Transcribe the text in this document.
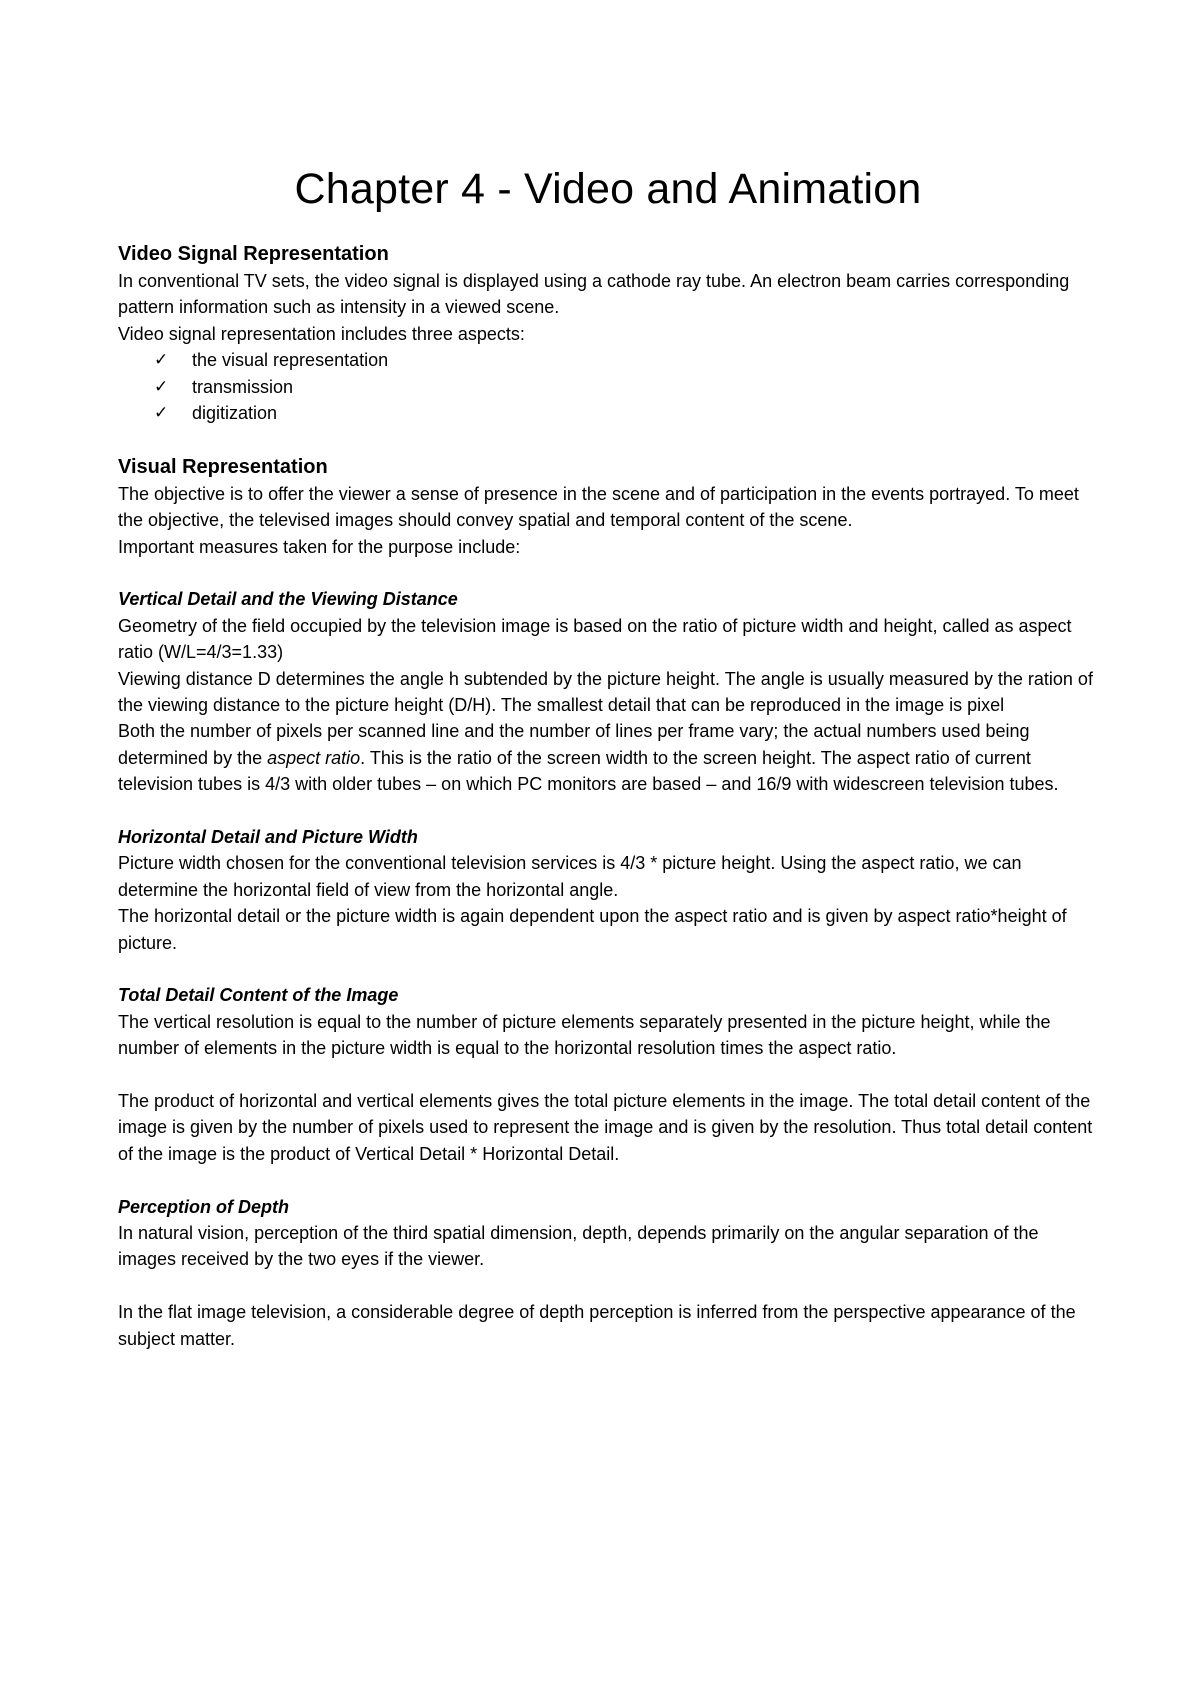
Chapter 4 - Video and Animation
Video Signal Representation
In conventional TV sets, the video signal is displayed using a cathode ray tube. An electron beam carries corresponding pattern information such as intensity in a viewed scene.
Video signal representation includes three aspects:
✓	the visual representation
✓	transmission
✓	digitization
Visual Representation
The objective is to offer the viewer a sense of presence in the scene and of participation in the events portrayed. To meet the objective, the televised images should convey spatial and temporal content of the scene.
Important measures taken for the purpose include:
Vertical Detail and the Viewing Distance
Geometry of the field occupied by the television image is based on the ratio of picture width and height, called as aspect ratio (W/L=4/3=1.33)
Viewing distance D determines the angle h subtended by the picture height. The angle is usually measured by the ration of the viewing distance to the picture height (D/H). The smallest detail that can be reproduced in the image is pixel
Both the number of pixels per scanned line and the number of lines per frame vary; the actual numbers used being determined by the aspect ratio. This is the ratio of the screen width to the screen height. The aspect ratio of current television tubes is 4/3 with older tubes – on which PC monitors are based – and 16/9 with widescreen television tubes.
Horizontal Detail and Picture Width
Picture width chosen for the conventional television services is 4/3 * picture height. Using the aspect ratio, we can determine the horizontal field of view from the horizontal angle.
The horizontal detail or the picture width is again dependent upon the aspect ratio and is given by aspect ratio*height of picture.
Total Detail Content of the Image
The vertical resolution is equal to the number of picture elements separately presented in the picture height, while the number of elements in the picture width is equal to the horizontal resolution times the aspect ratio.
The product of horizontal and vertical elements gives the total picture elements in the image. The total detail content of the image is given by the number of pixels used to represent the image and is given by the resolution. Thus total detail content of the image is the product of Vertical Detail * Horizontal Detail.
Perception of Depth
In natural vision, perception of the third spatial dimension, depth, depends primarily on the angular separation of the images received by the two eyes if the viewer.
In the flat image television, a considerable degree of depth perception is inferred from the perspective appearance of the subject matter.
